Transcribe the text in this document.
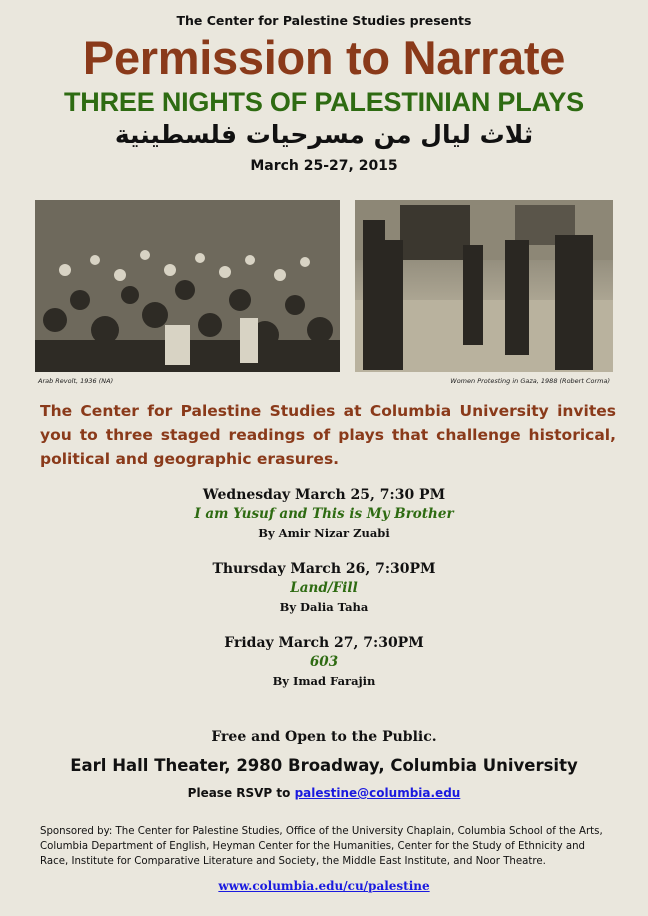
The Center for Palestine Studies presents
Permission to Narrate
THREE NIGHTS OF PALESTINIAN PLAYS
ثلاث ليال من مسرحيات فلسطينية
March 25-27, 2015
Arab Revolt, 1936 (NA)	Women Protesting in Gaza, 1988 (Robert Corma)
The Center for Palestine Studies at Columbia University invites you to three staged readings of plays that challenge historical, political and geographic erasures.
Wednesday March 25, 7:30 PM
I am Yusuf and This is My Brother
By Amir Nizar Zuabi
Thursday March 26, 7:30PM
Land/Fill
By Dalia Taha
Friday March 27, 7:30PM
603
By Imad Farajin
Free and Open to the Public.
Earl Hall Theater, 2980 Broadway, Columbia University
Please RSVP to palestine@columbia.edu
Sponsored by: The Center for Palestine Studies, Office of the University Chaplain, Columbia School of the Arts, Columbia Department of English, Heyman Center for the Humanities, Center for the Study of Ethnicity and Race, Institute for Comparative Literature and Society, the Middle East Institute, and Noor Theatre.
www.columbia.edu/cu/palestine
